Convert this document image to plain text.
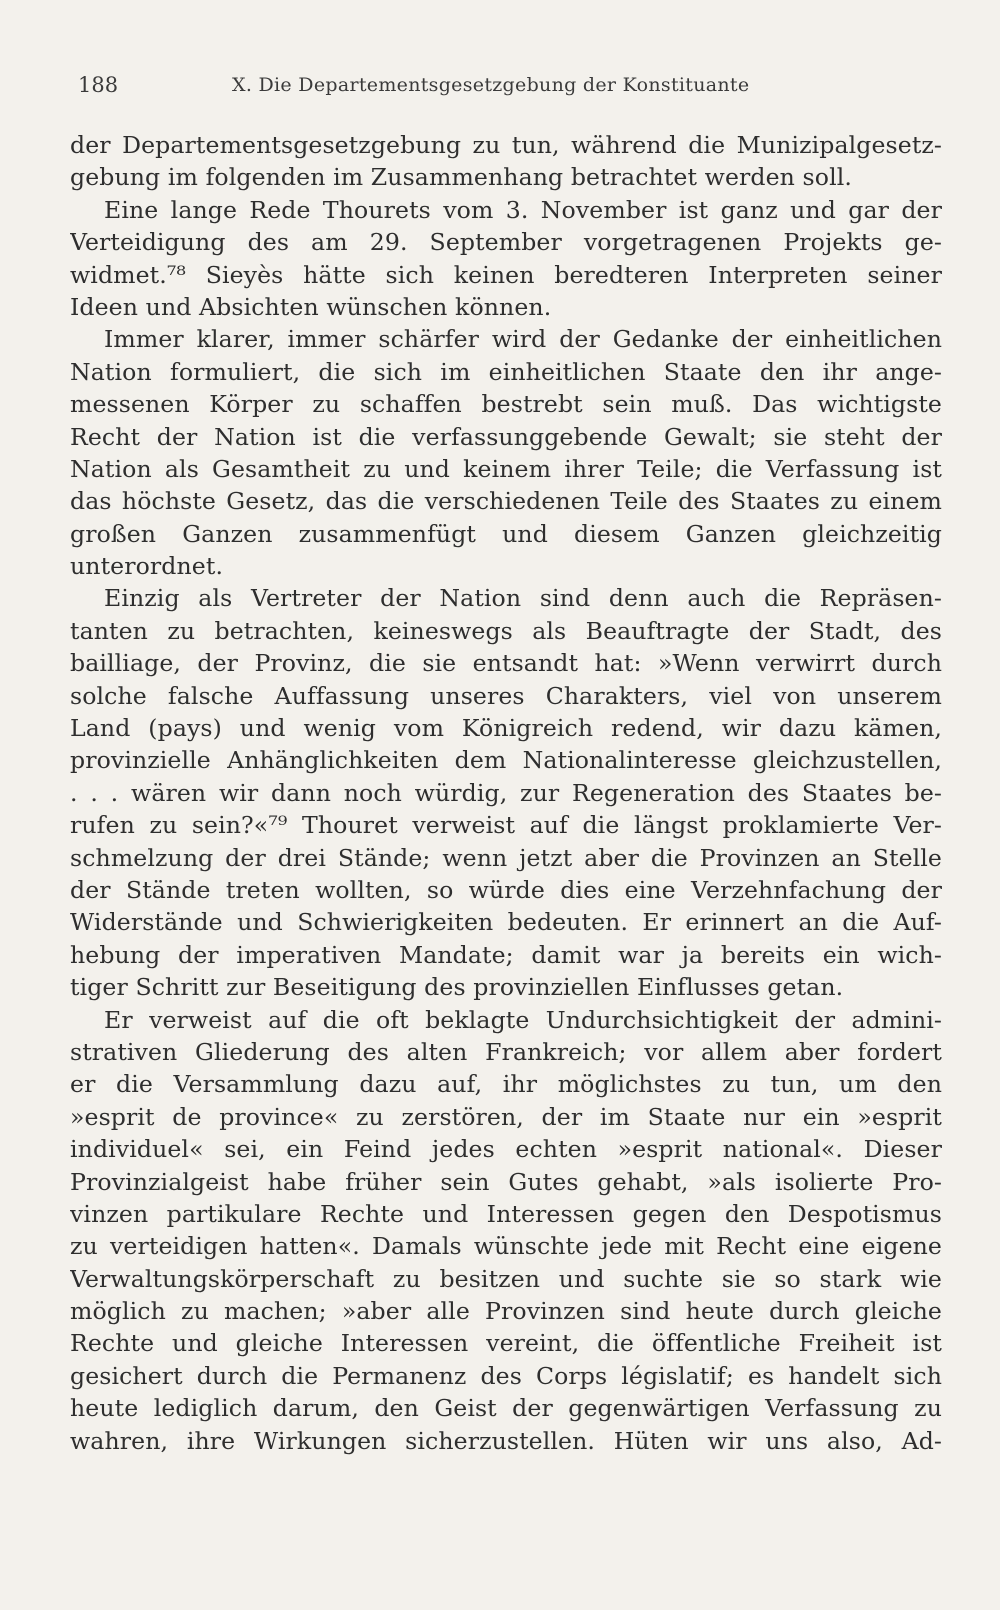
188	X. Die Departementsgesetzgebung der Konstituante
der Departementsgesetzgebung zu tun, während die Munizipalgesetz-
gebung im folgenden im Zusammenhang betrachtet werden soll.
Eine lange Rede Thourets vom 3. November ist ganz und gar der
Verteidigung des am 29. September vorgetragenen Projekts ge-
widmet.⁷⁸ Sieyès hätte sich keinen beredteren Interpreten seiner
Ideen und Absichten wünschen können.
Immer klarer, immer schärfer wird der Gedanke der einheitlichen
Nation formuliert, die sich im einheitlichen Staate den ihr ange-
messenen Körper zu schaffen bestrebt sein muß. Das wichtigste
Recht der Nation ist die verfassunggebende Gewalt; sie steht der
Nation als Gesamtheit zu und keinem ihrer Teile; die Verfassung ist
das höchste Gesetz, das die verschiedenen Teile des Staates zu einem
großen Ganzen zusammenfügt und diesem Ganzen gleichzeitig
unterordnet.
Einzig als Vertreter der Nation sind denn auch die Repräsen-
tanten zu betrachten, keineswegs als Beauftragte der Stadt, des
bailliage, der Provinz, die sie entsandt hat: »Wenn verwirrt durch
solche falsche Auffassung unseres Charakters, viel von unserem
Land (pays) und wenig vom Königreich redend, wir dazu kämen,
provinzielle Anhänglichkeiten dem Nationalinteresse gleichzustellen,
. . . wären wir dann noch würdig, zur Regeneration des Staates be-
rufen zu sein?«⁷⁹ Thouret verweist auf die längst proklamierte Ver-
schmelzung der drei Stände; wenn jetzt aber die Provinzen an Stelle
der Stände treten wollten, so würde dies eine Verzehnfachung der
Widerstände und Schwierigkeiten bedeuten. Er erinnert an die Auf-
hebung der imperativen Mandate; damit war ja bereits ein wich-
tiger Schritt zur Beseitigung des provinziellen Einflusses getan.
Er verweist auf die oft beklagte Undurchsichtigkeit der admini-
strativen Gliederung des alten Frankreich; vor allem aber fordert
er die Versammlung dazu auf, ihr möglichstes zu tun, um den
»esprit de province« zu zerstören, der im Staate nur ein »esprit
individuel« sei, ein Feind jedes echten »esprit national«. Dieser
Provinzialgeist habe früher sein Gutes gehabt, »als isolierte Pro-
vinzen partikulare Rechte und Interessen gegen den Despotismus
zu verteidigen hatten«. Damals wünschte jede mit Recht eine eigene
Verwaltungskörperschaft zu besitzen und suchte sie so stark wie
möglich zu machen; »aber alle Provinzen sind heute durch gleiche
Rechte und gleiche Interessen vereint, die öffentliche Freiheit ist
gesichert durch die Permanenz des Corps législatif; es handelt sich
heute lediglich darum, den Geist der gegenwärtigen Verfassung zu
wahren, ihre Wirkungen sicherzustellen. Hüten wir uns also, Ad-
